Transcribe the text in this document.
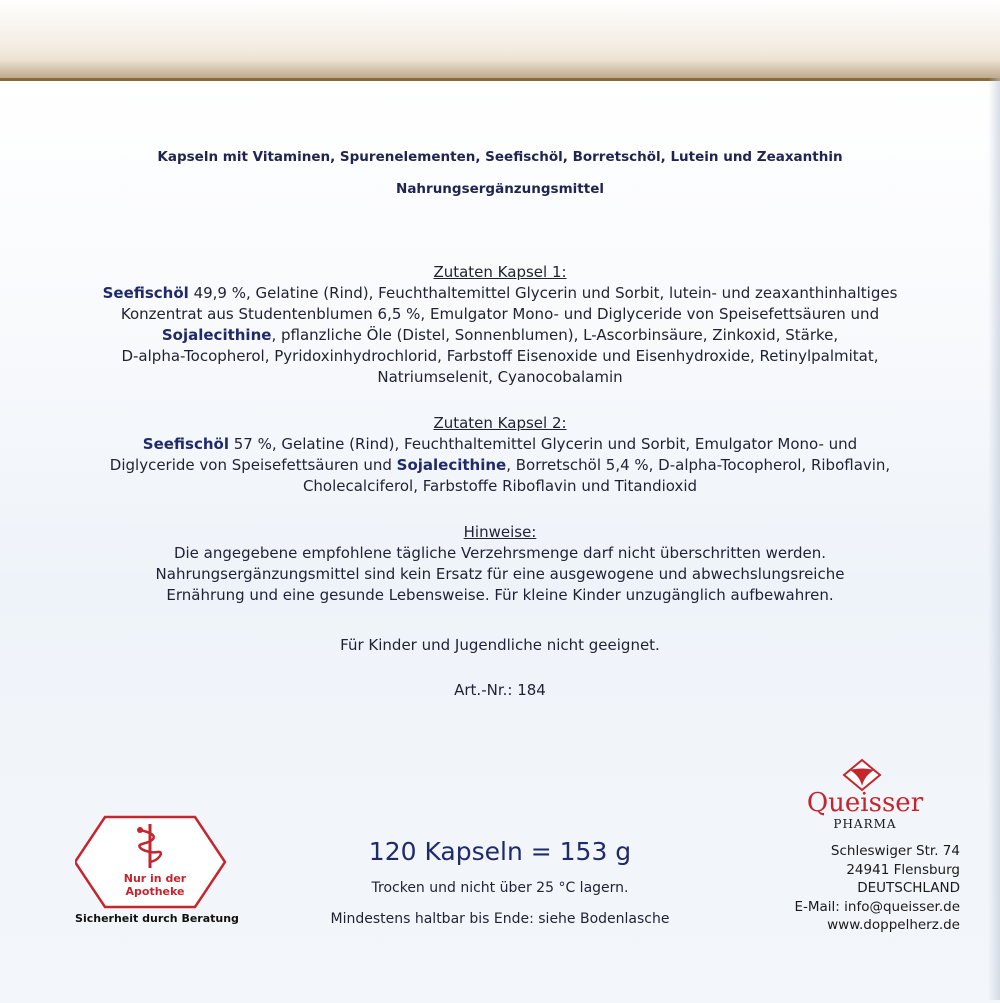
Kapseln mit Vitaminen, Spurenelementen, Seefischöl, Borretschöl, Lutein und Zeaxanthin
Nahrungsergänzungsmittel
Zutaten Kapsel 1:
Seefischöl 49,9 %, Gelatine (Rind), Feuchthaltemittel Glycerin und Sorbit, lutein- und zeaxanthinhaltiges
Konzentrat aus Studentenblumen 6,5 %, Emulgator Mono- und Diglyceride von Speisefettsäuren und
Sojalecithine, pflanzliche Öle (Distel, Sonnenblumen), L-Ascorbinsäure, Zinkoxid, Stärke,
D-alpha-Tocopherol, Pyridoxinhydrochlorid, Farbstoff Eisenoxide und Eisenhydroxide, Retinylpalmitat,
Natriumselenit, Cyanocobalamin
Zutaten Kapsel 2:
Seefischöl 57 %, Gelatine (Rind), Feuchthaltemittel Glycerin und Sorbit, Emulgator Mono- und
Diglyceride von Speisefettsäuren und Sojalecithine, Borretschöl 5,4 %, D-alpha-Tocopherol, Riboflavin,
Cholecalciferol, Farbstoffe Riboflavin und Titandioxid
Hinweise:
Die angegebene empfohlene tägliche Verzehrsmenge darf nicht überschritten werden.
Nahrungsergänzungsmittel sind kein Ersatz für eine ausgewogene und abwechslungsreiche
Ernährung und eine gesunde Lebensweise. Für kleine Kinder unzugänglich aufbewahren.
Für Kinder und Jugendliche nicht geeignet.
Art.-Nr.: 184
120 Kapseln = 153 g
Trocken und nicht über 25 °C lagern.
Mindestens haltbar bis Ende: siehe Bodenlasche
Nur in der
Apotheke
Sicherheit durch Beratung
Queisser
PHARMA
Schleswiger Str. 74
24941 Flensburg
DEUTSCHLAND
E-Mail: info@queisser.de
www.doppelherz.de
